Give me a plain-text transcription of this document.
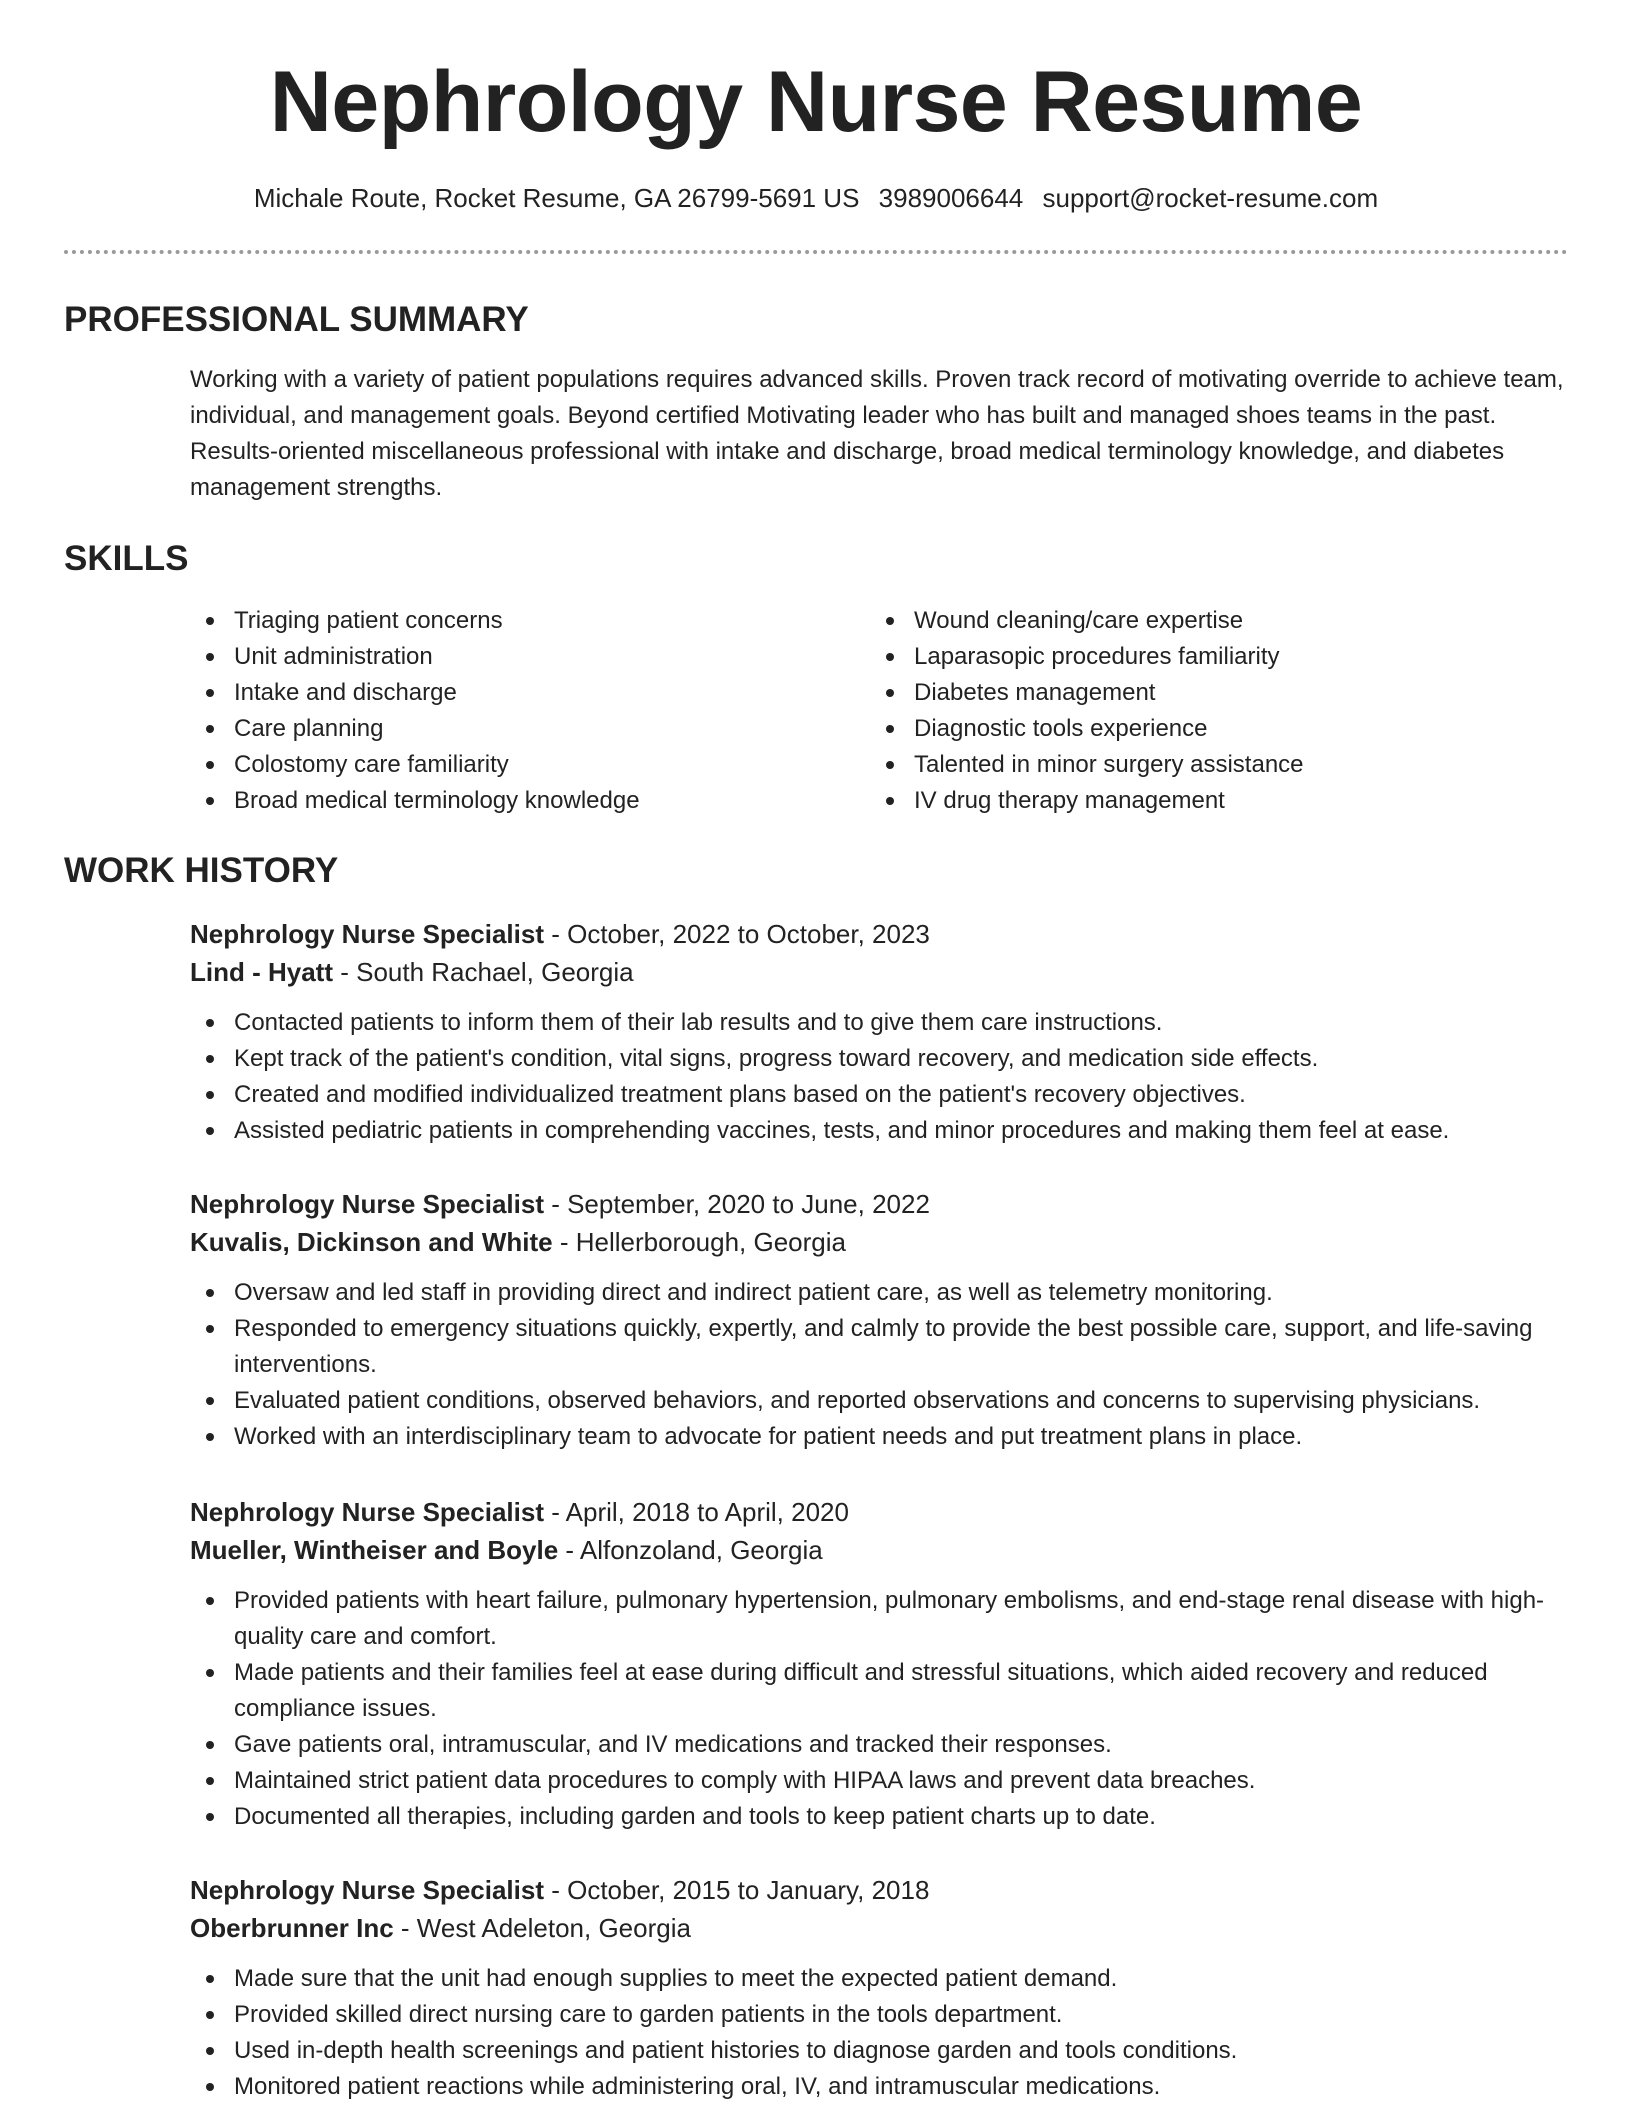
Nephrology Nurse Resume
Michale Route, Rocket Resume, GA 26799-5691 US 3989006644 support@rocket-resume.com
PROFESSIONAL SUMMARY

Working with a variety of patient populations requires advanced skills. Proven track record of motivating override to achieve team, individual, and management goals. Beyond certified Motivating leader who has built and managed shoes teams in the past. Results-oriented miscellaneous professional with intake and discharge, broad medical terminology knowledge, and diabetes management strengths.

SKILLS
Triaging patient concerns
Unit administration
Intake and discharge
Care planning
Colostomy care familiarity
Broad medical terminology knowledge
Wound cleaning/care expertise
Laparasopic procedures familiarity
Diabetes management
Diagnostic tools experience
Talented in minor surgery assistance
IV drug therapy management
WORK HISTORY
Nephrology Nurse Specialist - October, 2022 to October, 2023
Lind - Hyatt - South Rachael, Georgia
Contacted patients to inform them of their lab results and to give them care instructions.
Kept track of the patient's condition, vital signs, progress toward recovery, and medication side effects.
Created and modified individualized treatment plans based on the patient's recovery objectives.
Assisted pediatric patients in comprehending vaccines, tests, and minor procedures and making them feel at ease.
Nephrology Nurse Specialist - September, 2020 to June, 2022
Kuvalis, Dickinson and White - Hellerborough, Georgia
Oversaw and led staff in providing direct and indirect patient care, as well as telemetry monitoring.
Responded to emergency situations quickly, expertly, and calmly to provide the best possible care, support, and life-saving interventions.
Evaluated patient conditions, observed behaviors, and reported observations and concerns to supervising physicians.
Worked with an interdisciplinary team to advocate for patient needs and put treatment plans in place.
Nephrology Nurse Specialist - April, 2018 to April, 2020
Mueller, Wintheiser and Boyle - Alfonzoland, Georgia
Provided patients with heart failure, pulmonary hypertension, pulmonary embolisms, and end-stage renal disease with high-quality care and comfort.
Made patients and their families feel at ease during difficult and stressful situations, which aided recovery and reduced compliance issues.
Gave patients oral, intramuscular, and IV medications and tracked their responses.
Maintained strict patient data procedures to comply with HIPAA laws and prevent data breaches.
Documented all therapies, including garden and tools to keep patient charts up to date.
Nephrology Nurse Specialist - October, 2015 to January, 2018
Oberbrunner Inc - West Adeleton, Georgia
Made sure that the unit had enough supplies to meet the expected patient demand.
Provided skilled direct nursing care to garden patients in the tools department.
Used in-depth health screenings and patient histories to diagnose garden and tools conditions.
Monitored patient reactions while administering oral, IV, and intramuscular medications.
